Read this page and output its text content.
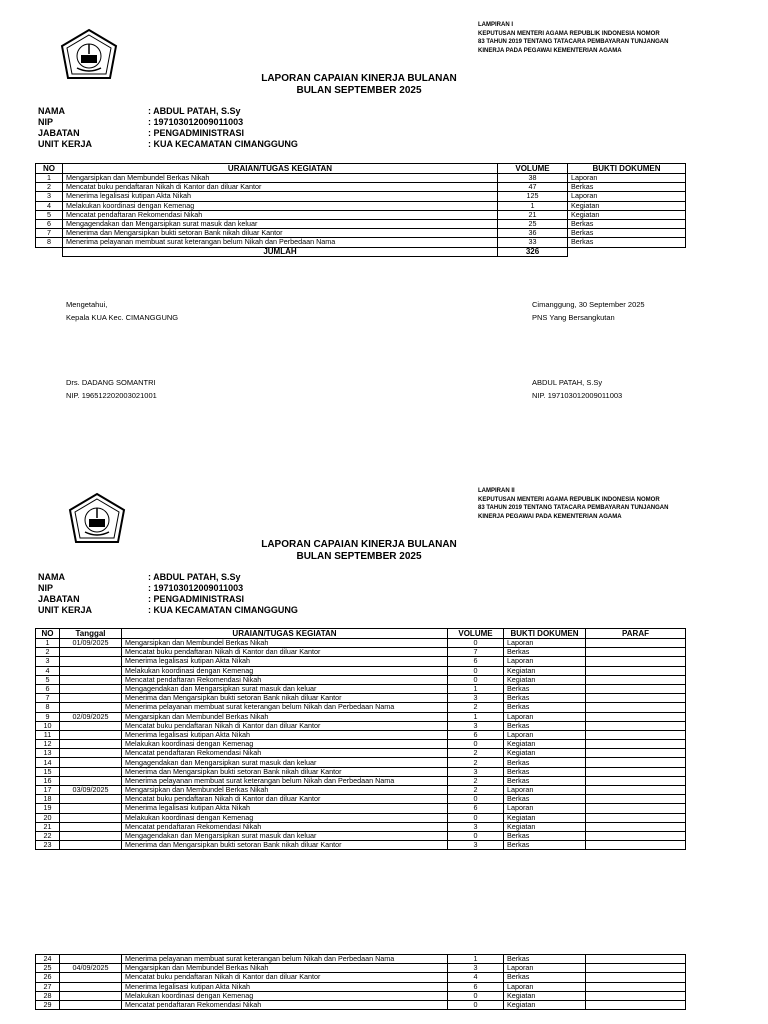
LAMPIRAN I
KEPUTUSAN MENTERI AGAMA REPUBLIK INDONESIA NOMOR
83 TAHUN 2019 TENTANG TATACARA PEMBAYARAN TUNJANGAN
KINERJA PADA PEGAWAI KEMENTERIAN AGAMA
LAPORAN CAPAIAN KINERJA BULANAN
BULAN SEPTEMBER 2025
NAMA	: ABDUL PATAH, S.Sy
NIP	: 197103012009011003
JABATAN	: PENGADMINISTRASI
UNIT KERJA	: KUA KECAMATAN CIMANGGUNG
NO	URAIAN/TUGAS KEGIATAN	VOLUME	BUKTI DOKUMEN
1	Mengarsipkan dan Membundel Berkas Nikah	38	Laporan
2	Mencatat buku pendaftaran Nikah di Kantor dan diluar Kantor	47	Berkas
3	Menerima legalisasi kutipan Akta Nikah	125	Laporan
4	Melakukan koordinasi dengan Kemenag	1	Kegiatan
5	Mencatat pendaftaran Rekomendasi Nikah	21	Kegiatan
6	Mengagendakan dan Mengarsipkan surat masuk dan keluar	25	Berkas
7	Menerima dan Mengarsipkan bukti setoran Bank nikah diluar Kantor	36	Berkas
8	Menerima pelayanan membuat surat keterangan belum Nikah dan Perbedaan Nama	33	Berkas
	JUMLAH	326	
Mengetahui,
Kepala KUA Kec. CIMANGGUNG
Cimanggung, 30 September 2025
PNS Yang Bersangkutan
Drs. DADANG SOMANTRI
NIP. 196512202003021001
ABDUL PATAH, S.Sy
NIP. 197103012009011003
LAMPIRAN II
KEPUTUSAN MENTERI AGAMA REPUBLIK INDONESIA NOMOR
83 TAHUN 2019 TENTANG TATACARA PEMBAYARAN TUNJANGAN
KINERJA PEGAWAI PADA KEMENTERIAN AGAMA
LAPORAN CAPAIAN KINERJA BULANAN
BULAN SEPTEMBER 2025
NAMA	: ABDUL PATAH, S.Sy
NIP	: 197103012009011003
JABATAN	: PENGADMINISTRASI
UNIT KERJA	: KUA KECAMATAN CIMANGGUNG
NO	Tanggal	URAIAN/TUGAS KEGIATAN	VOLUME	BUKTI DOKUMEN	PARAF
1	01/09/2025	Mengarsipkan dan Membundel Berkas Nikah	0	Laporan	
2		Mencatat buku pendaftaran Nikah di Kantor dan diluar Kantor	7	Berkas	
3		Menerima legalisasi kutipan Akta Nikah	6	Laporan	
4		Melakukan koordinasi dengan Kemenag	0	Kegiatan	
5		Mencatat pendaftaran Rekomendasi Nikah	0	Kegiatan	
6		Mengagendakan dan Mengarsipkan surat masuk dan keluar	1	Berkas	
7		Menerima dan Mengarsipkan bukti setoran Bank nikah diluar Kantor	3	Berkas	
8		Menerima pelayanan membuat surat keterangan belum Nikah dan Perbedaan Nama	2	Berkas	
9	02/09/2025	Mengarsipkan dan Membundel Berkas Nikah	1	Laporan	
10		Mencatat buku pendaftaran Nikah di Kantor dan diluar Kantor	3	Berkas	
11		Menerima legalisasi kutipan Akta Nikah	6	Laporan	
12		Melakukan koordinasi dengan Kemenag	0	Kegiatan	
13		Mencatat pendaftaran Rekomendasi Nikah	2	Kegiatan	
14		Mengagendakan dan Mengarsipkan surat masuk dan keluar	2	Berkas	
15		Menerima dan Mengarsipkan bukti setoran Bank nikah diluar Kantor	3	Berkas	
16		Menerima pelayanan membuat surat keterangan belum Nikah dan Perbedaan Nama	2	Berkas	
17	03/09/2025	Mengarsipkan dan Membundel Berkas Nikah	2	Laporan	
18		Mencatat buku pendaftaran Nikah di Kantor dan diluar Kantor	0	Berkas	
19		Menerima legalisasi kutipan Akta Nikah	6	Laporan	
20		Melakukan koordinasi dengan Kemenag	0	Kegiatan	
21		Mencatat pendaftaran Rekomendasi Nikah	3	Kegiatan	
22		Mengagendakan dan Mengarsipkan surat masuk dan keluar	0	Berkas	
23		Menerima dan Mengarsipkan bukti setoran Bank nikah diluar Kantor	3	Berkas	
24		Menerima pelayanan membuat surat keterangan belum Nikah dan Perbedaan Nama	1	Berkas	
25	04/09/2025	Mengarsipkan dan Membundel Berkas Nikah	3	Laporan	
26		Mencatat buku pendaftaran Nikah di Kantor dan diluar Kantor	4	Berkas	
27		Menerima legalisasi kutipan Akta Nikah	6	Laporan	
28		Melakukan koordinasi dengan Kemenag	0	Kegiatan	
29		Mencatat pendaftaran Rekomendasi Nikah	0	Kegiatan	
